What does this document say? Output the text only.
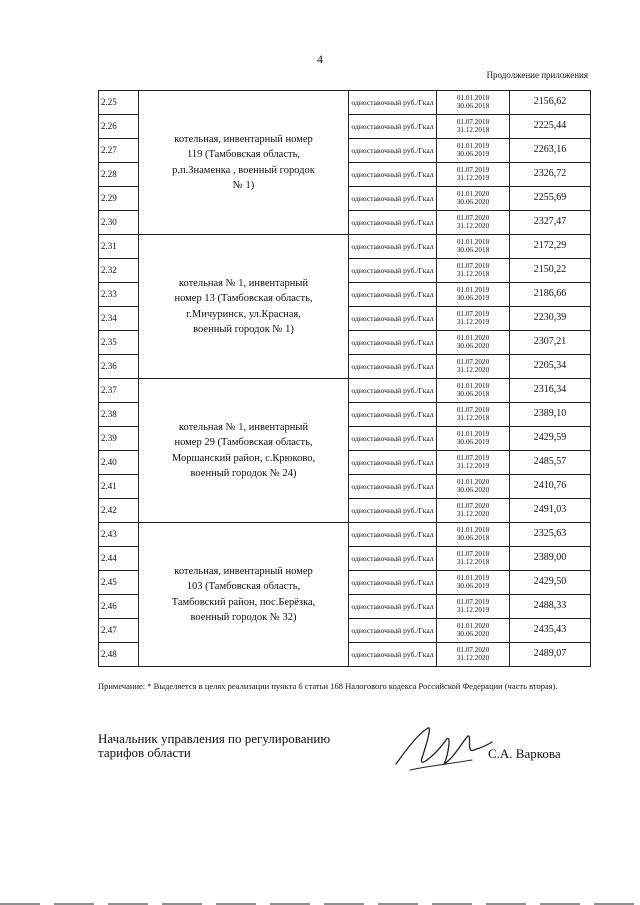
4
Продолжение приложения
2.25	котельная, инвентарный номер
119 (Тамбовская область,
р.п.Знаменка , военный городок
№ 1)	одноставочный руб./Гкал	01.01.2018
30.06.2018	2156,62
2.26		одноставочный руб./Гкал	01.07.2018
31.12.2018	2225,44
2.27		одноставочный руб./Гкал	01.01.2019
30.06.2019	2263,16
2.28		одноставочный руб./Гкал	01.07.2019
31.12.2019	2326,72
2.29		одноставочный руб./Гкал	01.01.2020
30.06.2020	2255,69
2.30		одноставочный руб./Гкал	01.07.2020
31.12.2020	2327,47
2.31	котельная № 1, инвентарный
номер 13 (Тамбовская область,
г.Мичуринск, ул.Красная,
военный городок № 1)	одноставочный руб./Гкал	01.01.2018
30.06.2018	2172,29
2.32		одноставочный руб./Гкал	01.07.2018
31.12.2018	2150,22
2.33		одноставочный руб./Гкал	01.01.2019
30.06.2019	2186,66
2.34		одноставочный руб./Гкал	01.07.2019
31.12.2019	2230,39
2.35		одноставочный руб./Гкал	01.01.2020
30.06.2020	2307,21
2.36		одноставочный руб./Гкал	01.07.2020
31.12.2020	2205,34
2.37	котельная № 1, инвентарный
номер 29 (Тамбовская область,
Моршанский район, с.Крюково,
военный городок № 24)	одноставочный руб./Гкал	01.01.2018
30.06.2018	2316,34
2.38		одноставочный руб./Гкал	01.07.2018
31.12.2018	2389,10
2.39		одноставочный руб./Гкал	01.01.2019
30.06.2019	2429,59
2.40		одноставочный руб./Гкал	01.07.2019
31.12.2019	2485,57
2.41		одноставочный руб./Гкал	01.01.2020
30.06.2020	2410,76
2.42		одноставочный руб./Гкал	01.07.2020
31.12.2020	2491,03
2.43	котельная, инвентарный номер
103 (Тамбовская область,
Тамбовский район, пос.Берёзка,
военный городок № 32)	одноставочный руб./Гкал	01.01.2018
30.06.2018	2325,63
2.44		одноставочный руб./Гкал	01.07.2018
31.12.2018	2389,00
2.45		одноставочный руб./Гкал	01.01.2019
30.06.2019	2429,50
2.46		одноставочный руб./Гкал	01.07.2019
31.12.2019	2488,33
2.47		одноставочный руб./Гкал	01.01.2020
30.06.2020	2435,43
2.48		одноставочный руб./Гкал	01.07.2020
31.12.2020	2489,07
Примечание: * Выделяется в целях реализации пункта 6 статьи 168 Налогового кодекса Российской Федерации (часть вторая).
Начальник управления по регулированию
тарифов области	С.А. Варкова
